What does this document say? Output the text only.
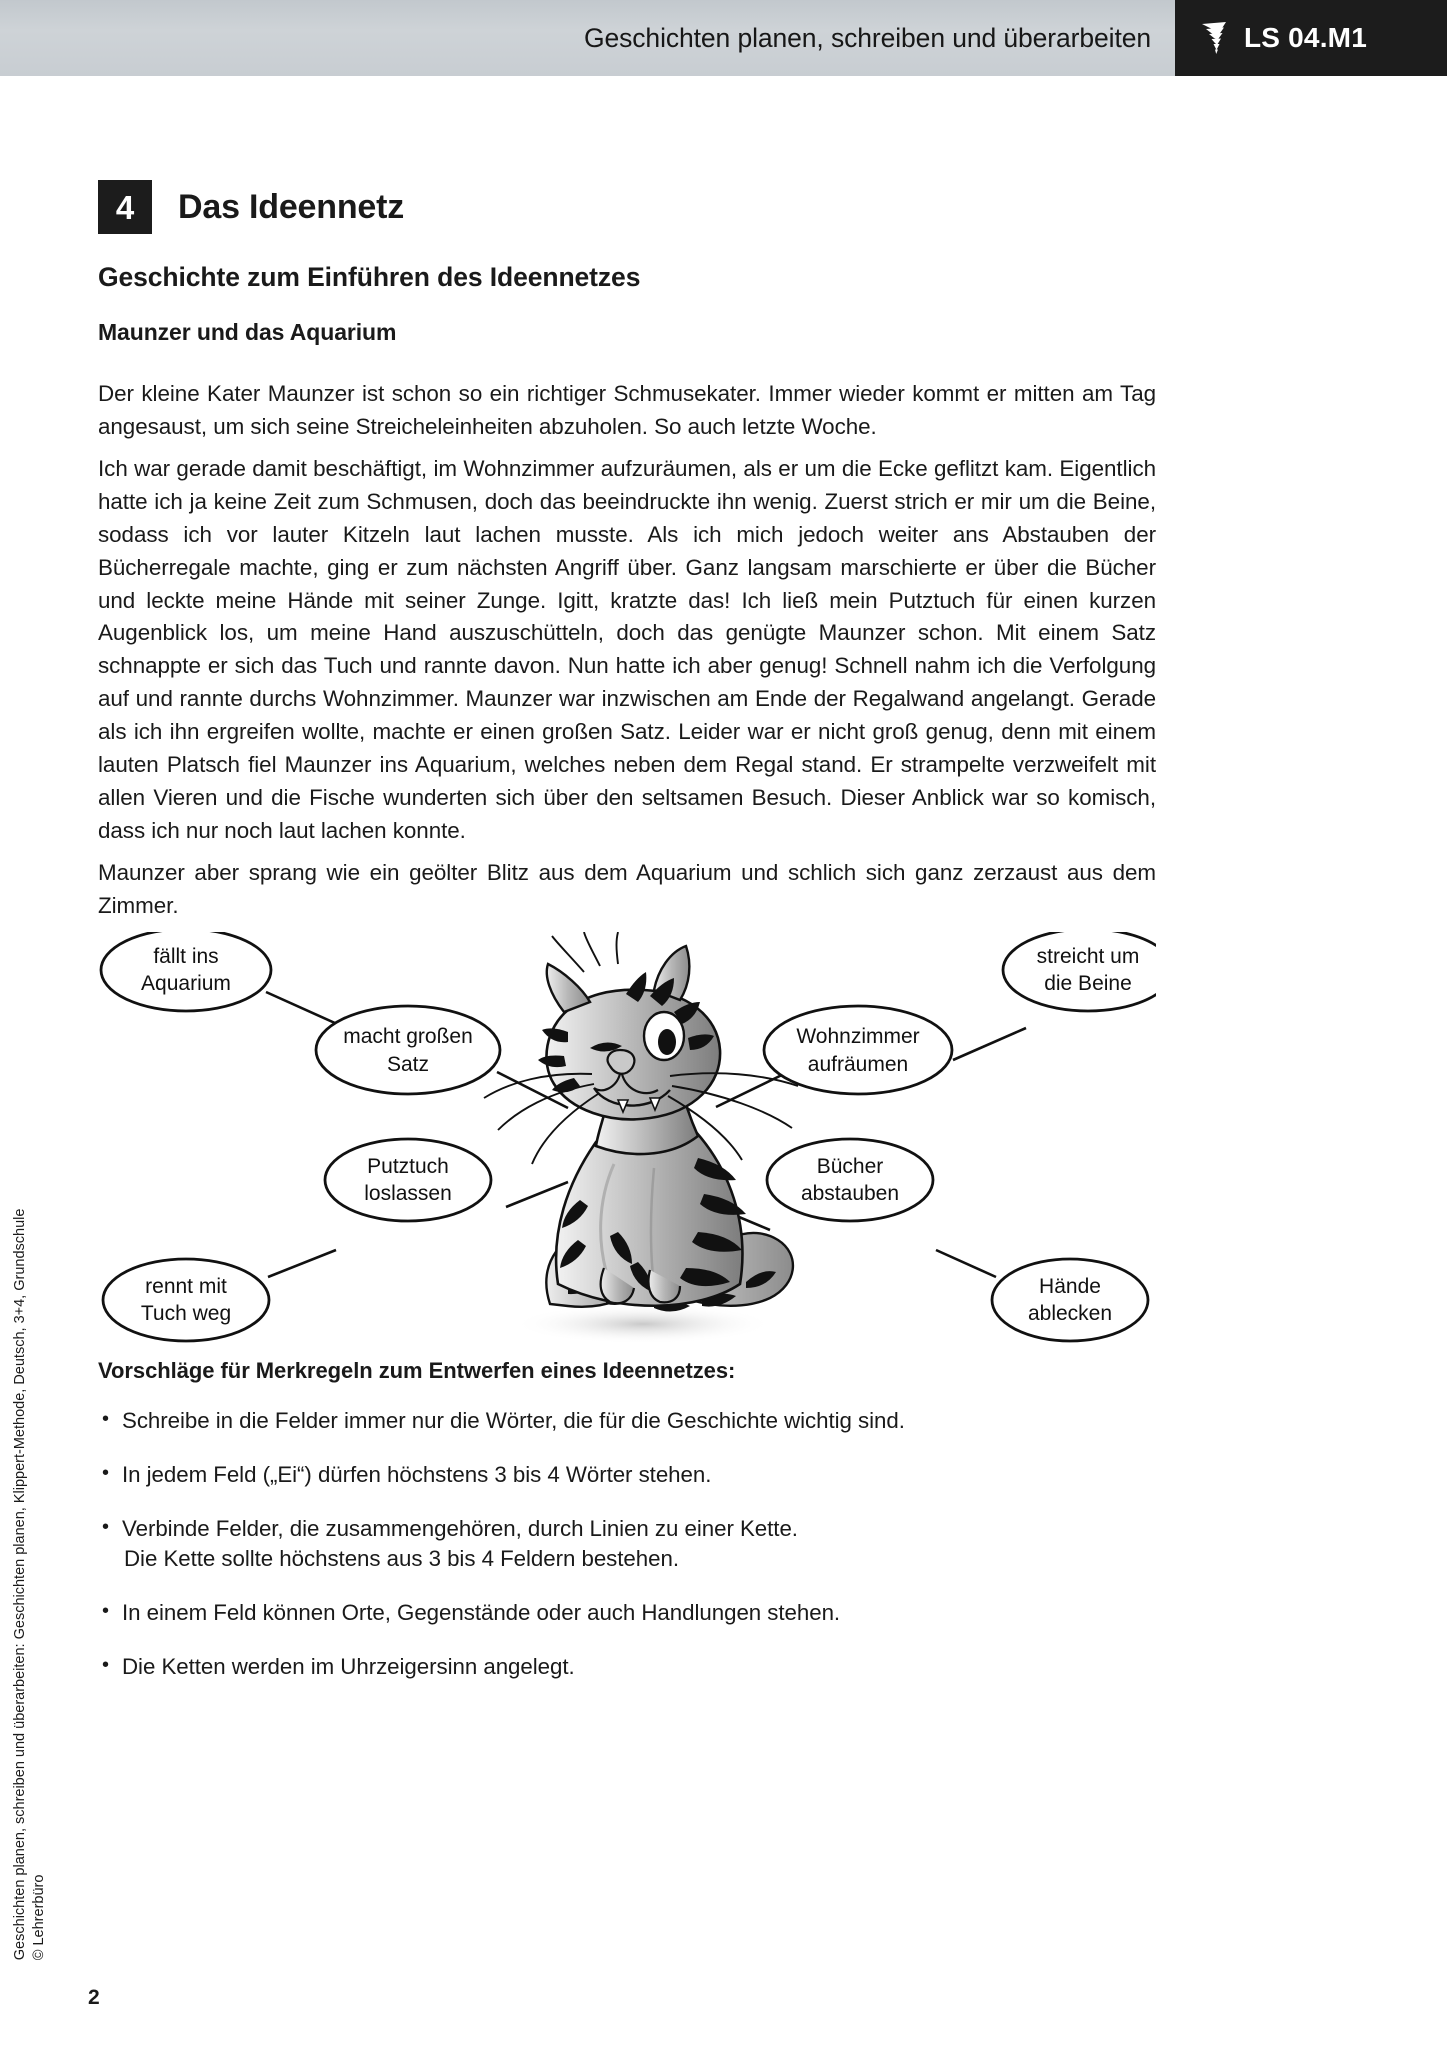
Geschichten planen, schreiben und überarbeiten	LS 04.M1
Geschichten planen, schreiben und überarbeiten: Geschichten planen, Klippert-Methode, Deutsch, 3+4, Grundschule © Lehrerbüro
4	Das Ideennetz
Geschichte zum Einführen des Ideennetzes
Maunzer und das Aquarium

Der kleine Kater Maunzer ist schon so ein richtiger Schmusekater. Immer wieder kommt er mitten am Tag angesaust, um sich seine Streicheleinheiten abzuholen. So auch letzte Woche.

Ich war gerade damit beschäftigt, im Wohnzimmer aufzuräumen, als er um die Ecke geflitzt kam. Eigentlich hatte ich ja keine Zeit zum Schmusen, doch das beeindruckte ihn wenig. Zuerst strich er mir um die Beine, sodass ich vor lauter Kitzeln laut lachen musste. Als ich mich jedoch weiter ans Abstauben der Bücherregale machte, ging er zum nächsten Angriff über. Ganz langsam marschierte er über die Bücher und leckte meine Hände mit seiner Zunge. Igitt, kratzte das! Ich ließ mein Putztuch für einen kurzen Augenblick los, um meine Hand auszuschütteln, doch das genügte Maunzer schon. Mit einem Satz schnappte er sich das Tuch und rannte davon. Nun hatte ich aber genug! Schnell nahm ich die Verfolgung auf und rannte durchs Wohnzimmer. Maunzer war inzwischen am Ende der Regalwand angelangt. Gerade als ich ihn ergreifen wollte, machte er einen großen Satz. Leider war er nicht groß genug, denn mit einem lauten Platsch fiel Maunzer ins Aquarium, welches neben dem Regal stand. Er strampelte verzweifelt mit allen Vieren und die Fische wunderten sich über den seltsamen Besuch. Dieser Anblick war so komisch, dass ich nur noch laut lachen konnte.

Maunzer aber sprang wie ein geölter Blitz aus dem Aquarium und schlich sich ganz zerzaust aus dem Zimmer.

fällt ins
Aquarium
macht großen
Satz
Wohnzimmer
aufräumen
streicht um
die Beine
Putztuch
loslassen
rennt mit
Tuch weg
Bücher
abstauben
Hände
ablecken
Vorschläge für Merkregeln zum Entwerfen eines Ideennetzes:
• Schreibe in die Felder immer nur die Wörter, die für die Geschichte wichtig sind.
• In jedem Feld („Ei“) dürfen höchstens 3 bis 4 Wörter stehen.
• Verbinde Felder, die zusammengehören, durch Linien zu einer Kette.
Die Kette sollte höchstens aus 3 bis 4 Feldern bestehen.
• In einem Feld können Orte, Gegenstände oder auch Handlungen stehen.
• Die Ketten werden im Uhrzeigersinn angelegt.
2
